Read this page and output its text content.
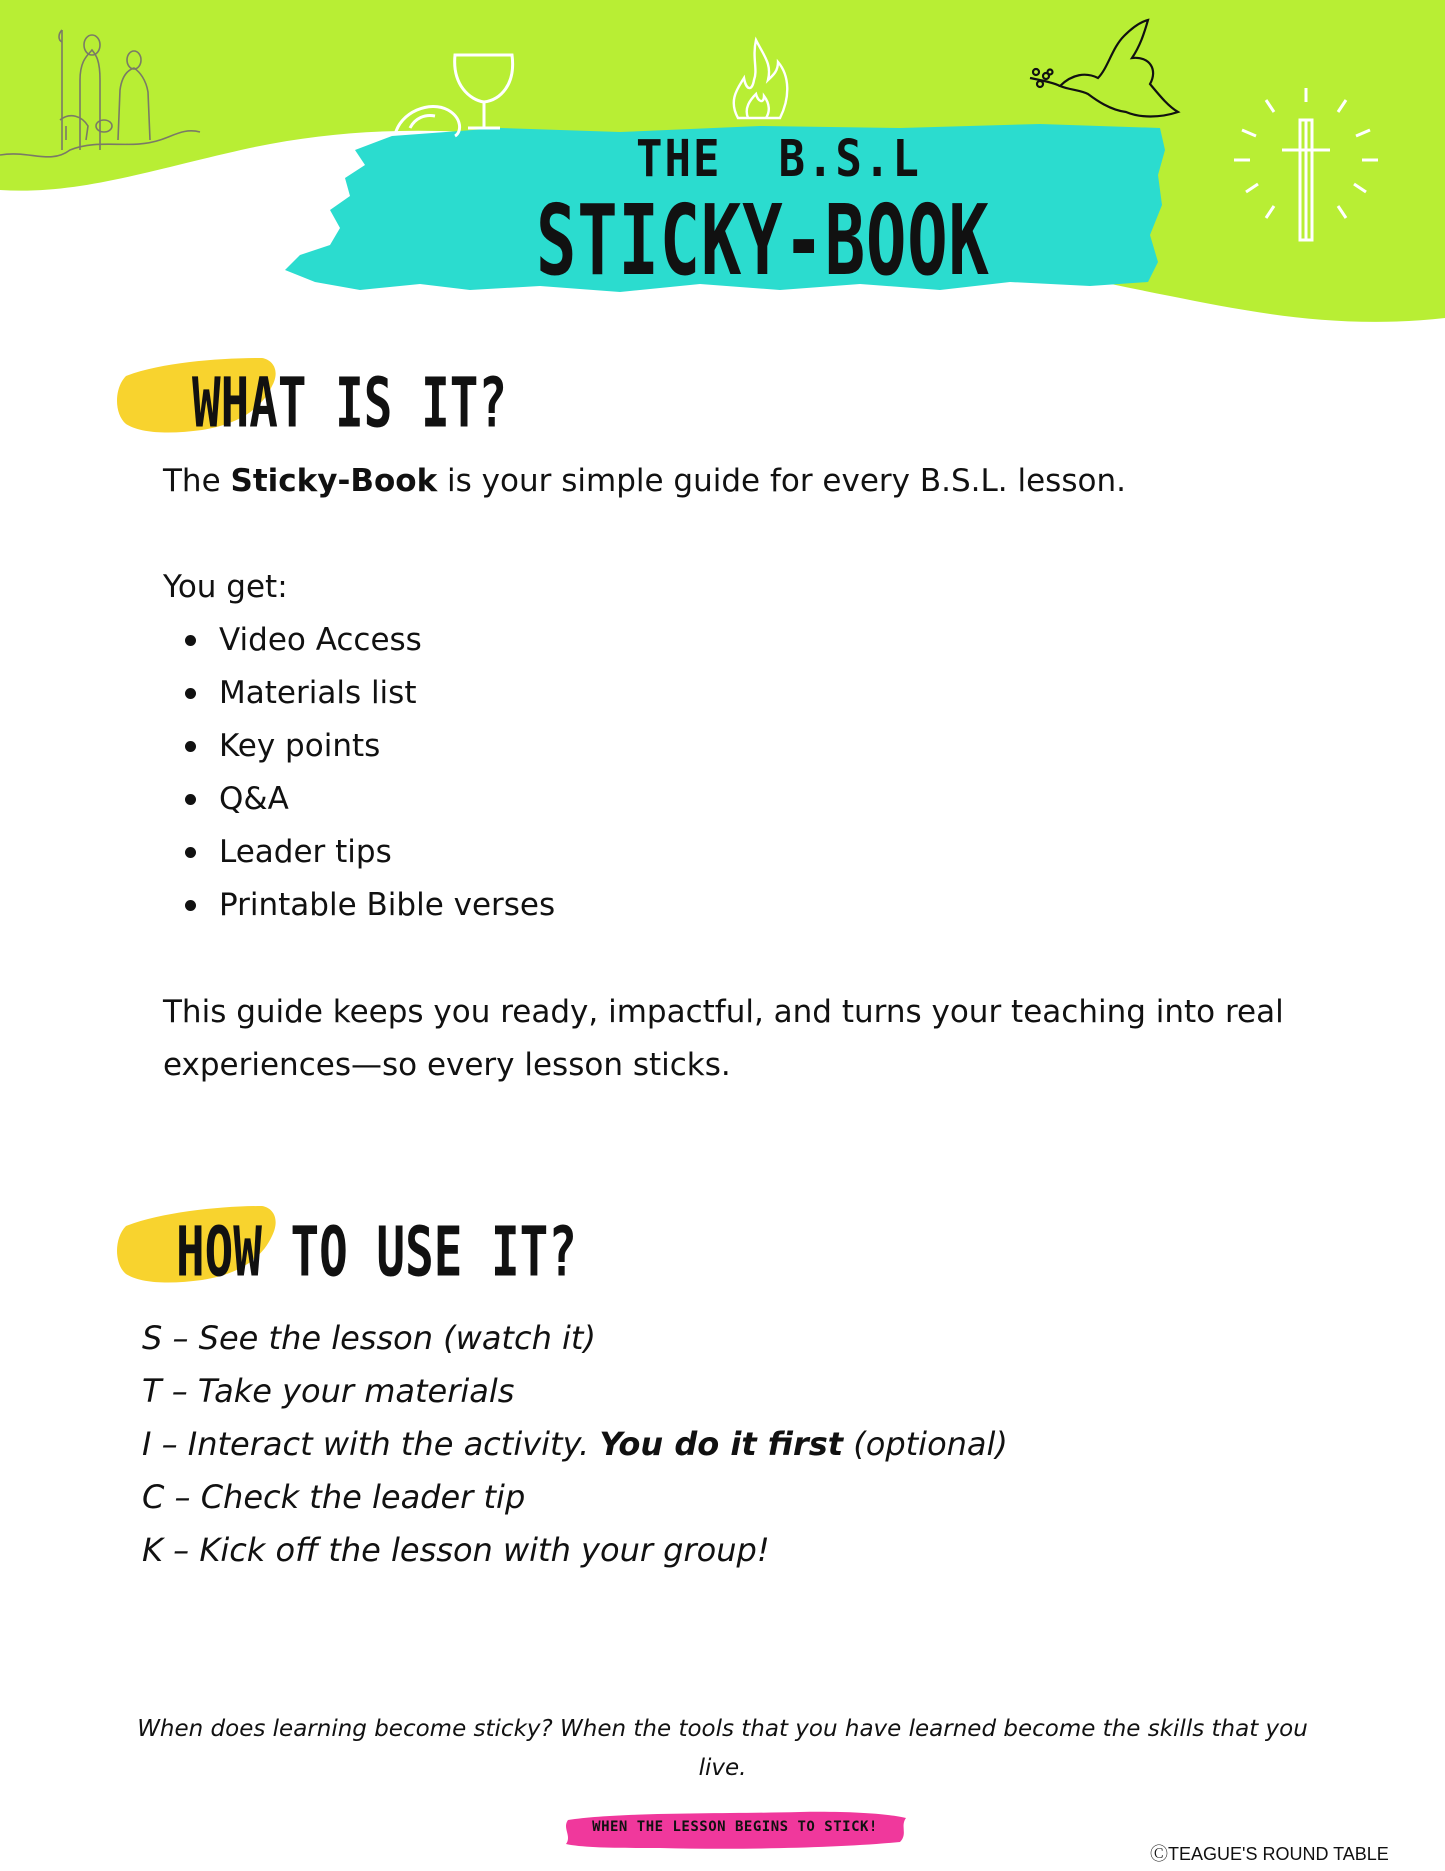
THE  B.S.L
STICKY-BOOK
WHAT IS IT?
The Sticky-Book is your simple guide for every B.S.L. lesson.
You get:
Video Access
Materials list
Key points
Q&A
Leader tips
Printable Bible verses
This guide keeps you ready, impactful, and turns your teaching into real experiences—so every lesson sticks.
HOW TO USE IT?
S – See the lesson (watch it)
T – Take your materials
I – Interact with the activity. You do it first (optional)
C – Check the leader tip
K – Kick off the lesson with your group!
When does learning become sticky? When the tools that you have learned become the skills that you live.
WHEN THE LESSON BEGINS TO STICK!
ⒸTEAGUE'S ROUND TABLE
